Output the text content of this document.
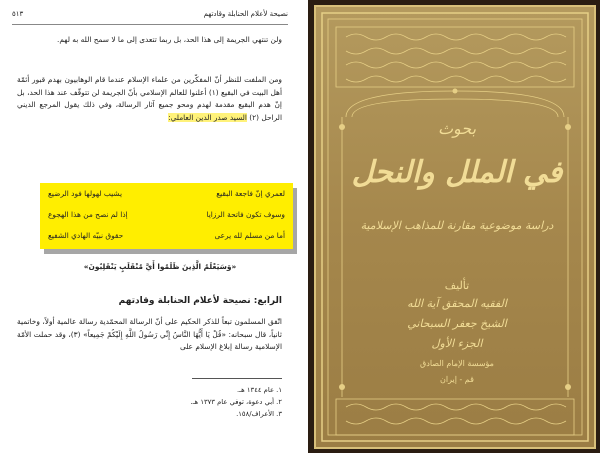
نصيحة لأعلام الحنابلة وقادتهم
٥١٣
ولن تنتهي الجريمة إلى هذا الحد، بل ربما تتعدى إلى ما لا سمح الله به لهم.
ومن الملفت للنظر أنّ المفكّرين من علماء الإسلام عندما قام الوهابيون بهدم قبور أئمّة أهل البيت في البقيع (١) أعلنوا للعالم الإسلامي بأنّ الجريمة لن تتوقّف عند هذا الحد، بل إنّ هدم البقيع مقدمة لهدم ومحو جميع آثار الرسالة، وفي ذلك يقول المرجع الديني الراحل (٢) السيد صدر الدين العاملي:
لعمري إنّ فاجعة البقيع
يشيب لهولها فود الرضيع
وسوف تكون فاتحة الرزايا
إذا لم نصح من هذا الهجوع
أما من مسلم لله يرعى
حقوق نبيّه الهادي الشفيع
«وَسَيَعْلَمُ الَّذِينَ ظَلَمُوا أَيَّ مُنْقَلَبٍ يَنْقَلِبُونَ»
الرابع: نصيحة لأعلام الحنابلة وقادتهم
اتّفق المسلمون تبعاً للذكر الحكيم على أنّ الرسالة المحمّدية رسالة عالمية أولاً، وخاتمية ثانياً، قال سبحانه: «قُلْ يَا أَيُّهَا النَّاسُ إِنِّي رَسُولُ اللَّهِ إِلَيْكُمْ جَمِيعاً» (٣)، وقد حملت الأمّة الإسلامية رسالة إبلاغ الإسلام على
١. عام ١٣٤٤ هـ.
٢. أبي دعوة، توفي عام ١٣٧٣ هـ.
٣. الأعراف/١٥٨.
بحوث
في الملل والنحل
دراسة موضوعية مقارنة للمذاهب الإسلامية
تأليف
الفقيه المحقق آية الله
الشيخ جعفر السبحاني
الجزء الأول
مؤسسة الإمام الصادق
قم - إيران
